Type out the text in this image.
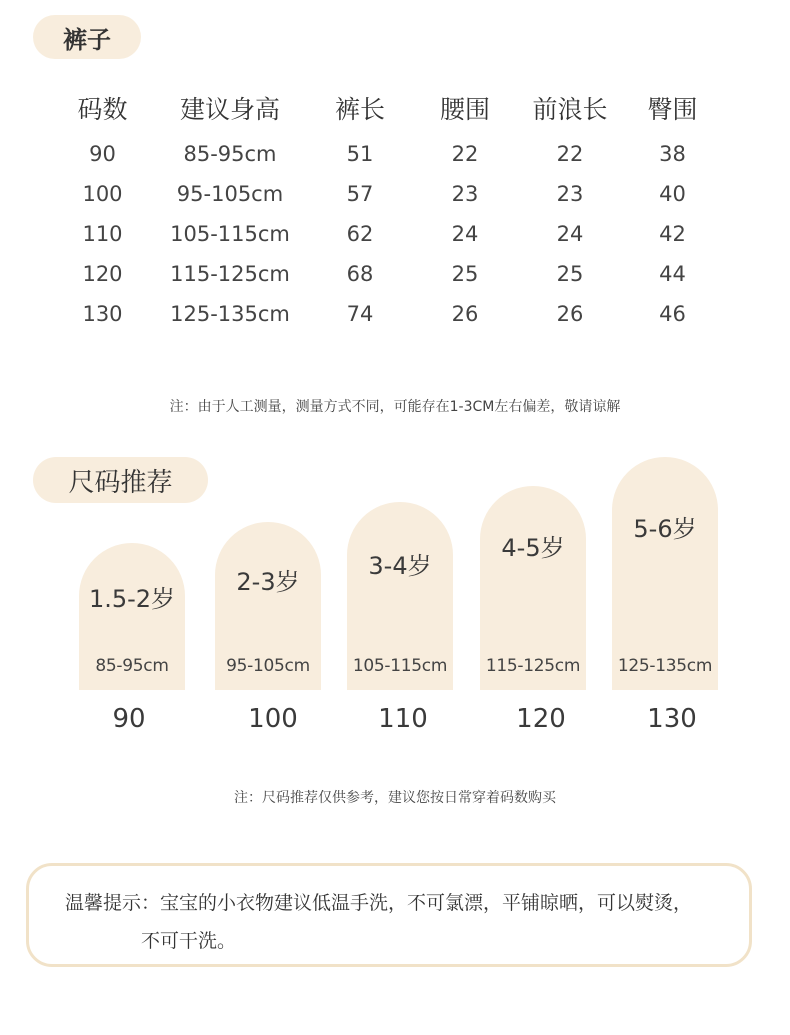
裤子
码数	建议身高	裤长	腰围	前浪长	臀围
90	85-95cm	51	22	22	38
100	95-105cm	57	23	23	40
110	105-115cm	62	24	24	42
120	115-125cm	68	25	25	44
130	125-135cm	74	26	26	46
注：由于人工测量，测量方式不同，可能存在1-3CM左右偏差，敬请谅解
尺码推荐
1.5-2岁
85-95cm
2-3岁
95-105cm
3-4岁
105-115cm
4-5岁
115-125cm
5-6岁
125-135cm
90	100	110	120	130
注：尺码推荐仅供参考，建议您按日常穿着码数购买
温馨提示：宝宝的小衣物建议低温手洗，不可氯漂，平铺晾晒，可以熨烫，
不可干洗。
